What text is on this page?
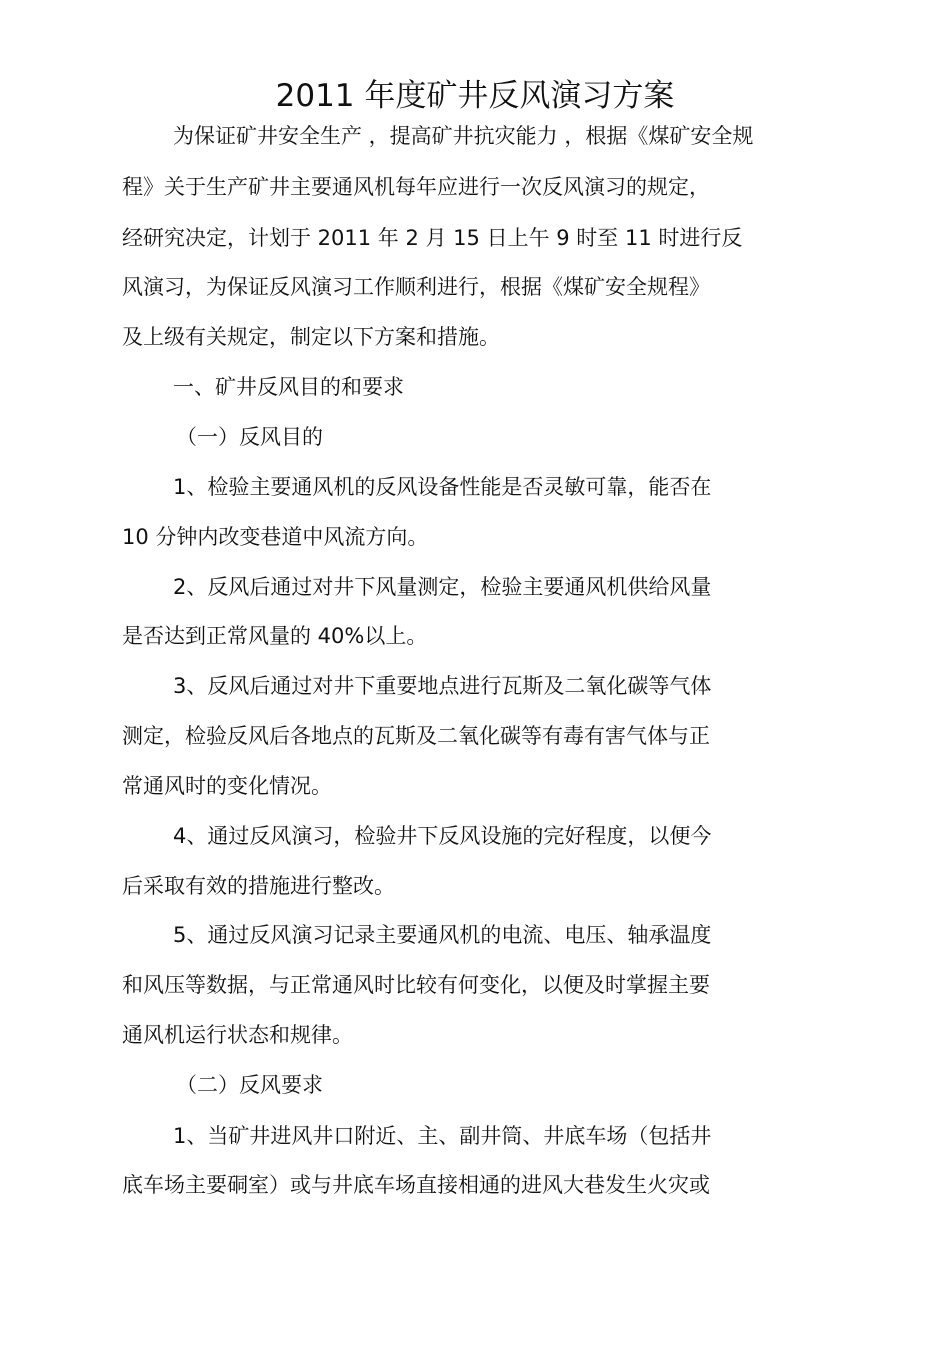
2011 年度矿井反风演习方案
为保证矿井安全生产 ，提高矿井抗灾能力 ，根据《煤矿安全规
程》关于生产矿井主要通风机每年应进行一次反风演习的规定，
经研究决定，计划于 2011 年 2 月 15 日上午 9 时至 11 时进行反
风演习，为保证反风演习工作顺利进行，根据《煤矿安全规程》
及上级有关规定，制定以下方案和措施。
一、矿井反风目的和要求
（一）反风目的
1、检验主要通风机的反风设备性能是否灵敏可靠，能否在
10 分钟内改变巷道中风流方向。
2、反风后通过对井下风量测定，检验主要通风机供给风量
是否达到正常风量的 40%以上。
3、反风后通过对井下重要地点进行瓦斯及二氧化碳等气体
测定，检验反风后各地点的瓦斯及二氧化碳等有毒有害气体与正
常通风时的变化情况。
4、通过反风演习，检验井下反风设施的完好程度，以便今
后采取有效的措施进行整改。
5、通过反风演习记录主要通风机的电流、电压、轴承温度
和风压等数据，与正常通风时比较有何变化，以便及时掌握主要
通风机运行状态和规律。
（二）反风要求
1、当矿井进风井口附近、主、副井筒、井底车场（包括井
底车场主要硐室）或与井底车场直接相通的进风大巷发生火灾或
